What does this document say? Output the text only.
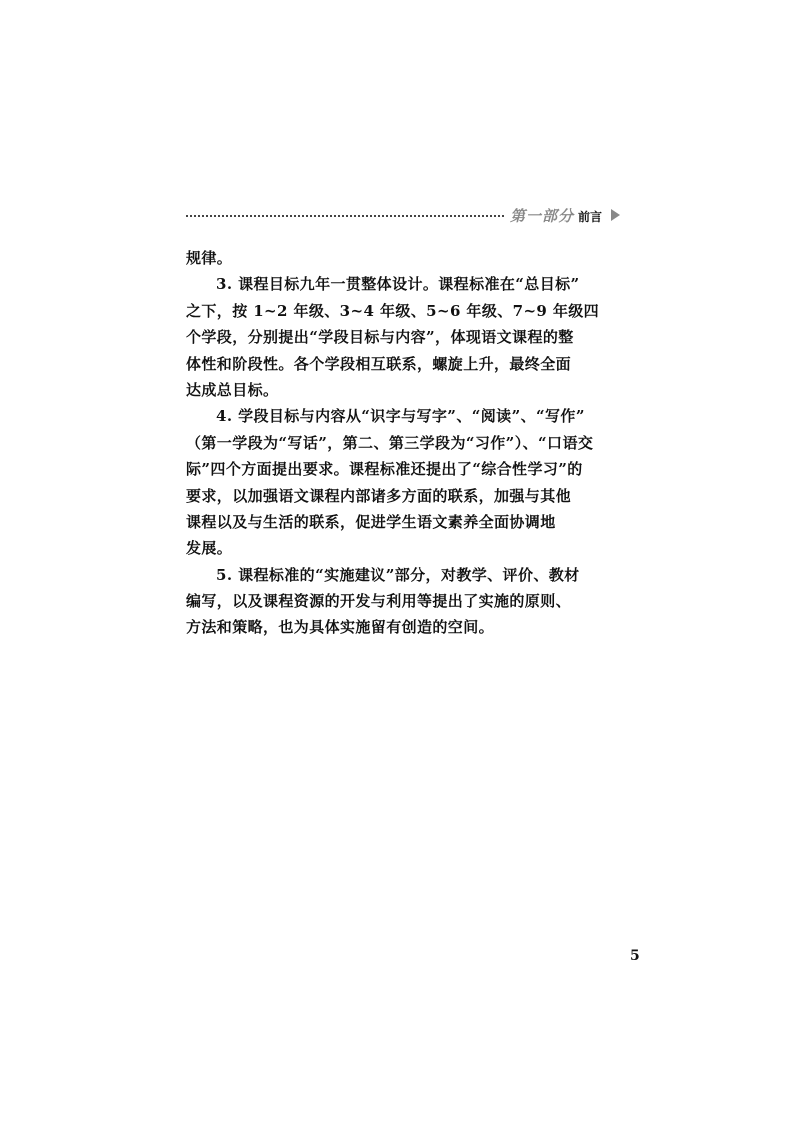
第一部分 前言
规律。
3. 课程目标九年一贯整体设计。课程标准在“总目标”
之下，按 1~2 年级、3~4 年级、5~6 年级、7~9 年级四
个学段，分别提出“学段目标与内容”，体现语文课程的整
体性和阶段性。各个学段相互联系，螺旋上升，最终全面
达成总目标。
4. 学段目标与内容从“识字与写字”、“阅读”、“写作”
（第一学段为“写话”，第二、第三学段为“习作”）、“口语交
际”四个方面提出要求。课程标准还提出了“综合性学习”的
要求，以加强语文课程内部诸多方面的联系，加强与其他
课程以及与生活的联系，促进学生语文素养全面协调地
发展。
5. 课程标准的“实施建议”部分，对教学、评价、教材
编写，以及课程资源的开发与利用等提出了实施的原则、
方法和策略，也为具体实施留有创造的空间。
5
